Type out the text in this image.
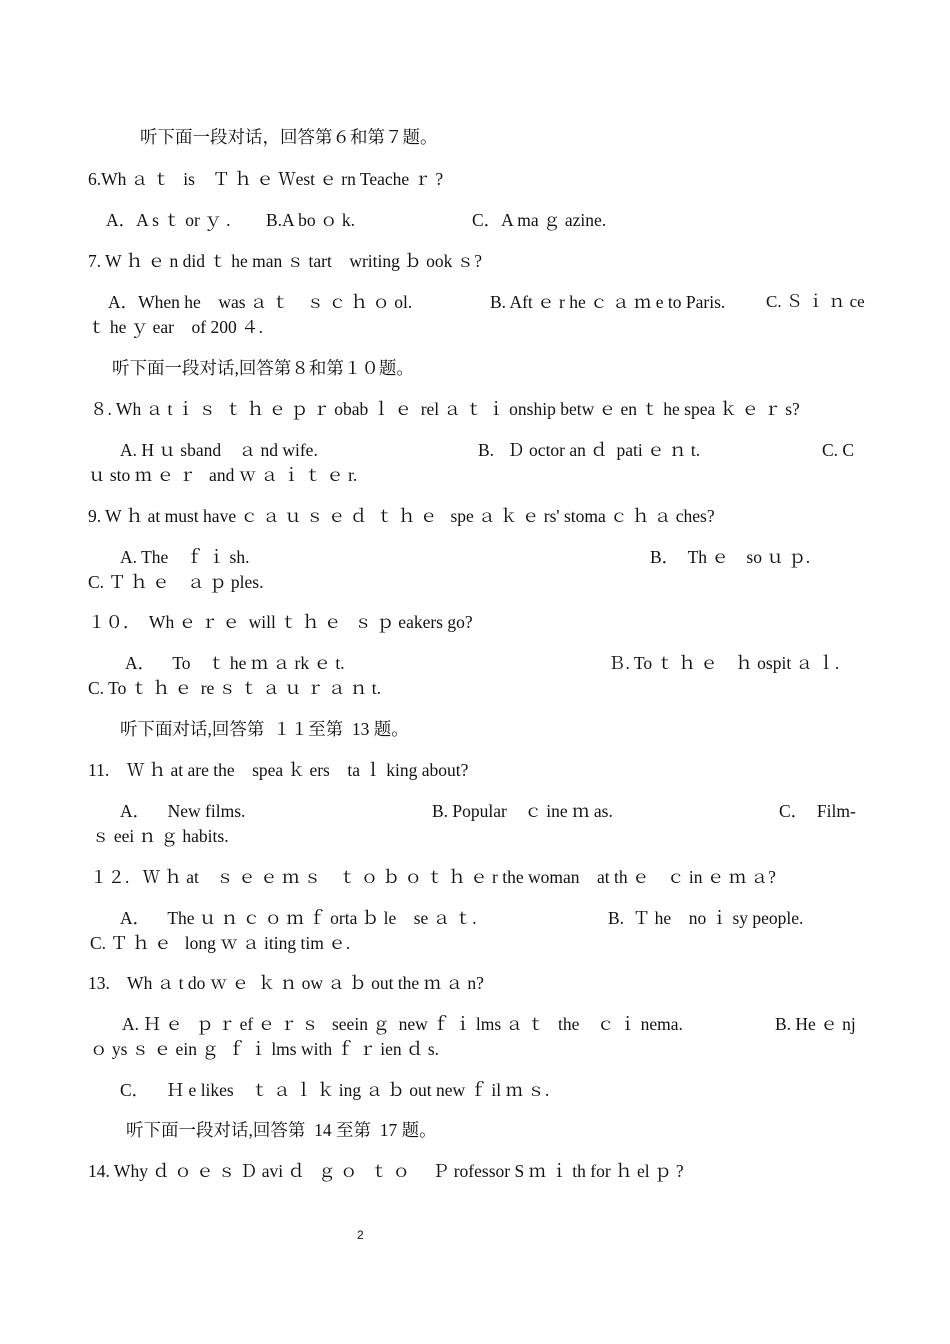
听下面一段对话，回答第６和第７题。
6.Wh ａ ｔ   is    Ｔ ｈ ｅ Ｗest ｅ rn Teache ｒ ?
A．A s ｔ or ｙ . B.A bo ｏ k.	C．A ma ｇ azine.
7. W ｈ ｅ n did ｔ he man ｓ tart    writing ｂ ook ｓ?
A．When he    was ａ ｔ    ｓ ｃ ｈ ｏ ol.	B. Aft ｅ r he ｃ ａ ｍ e to Paris. C. Ｓ ｉ ｎ ce
ｔ he ｙ ear    of 200 ４.
听下面一段对话,回答第８和第１０题。
８. Wh ａ t ｉ ｓ  ｔ ｈ ｅ ｐ ｒ obab ｌ ｅ  rel ａ ｔ ｉ onship betw ｅ en ｔ he spea ｋ ｅ ｒ s?
A. H ｕ sband    ａ nd wife.	B.   Ｄ octor an ｄ  pati ｅ ｎ t.	C. C
ｕ sto ｍ ｅ ｒ   and ｗ ａ ｉ ｔ ｅ r.
9. W ｈ at must have ｃ ａ ｕ ｓ ｅ ｄ  ｔ ｈ ｅ   spe ａ ｋ ｅ rs' stoma ｃ ｈ ａ ches?
A. The    ｆ ｉ sh.	B．  Th ｅ    so ｕ ｐ.
C. Ｔ ｈ ｅ    ａ ｐ ples.
１０．  Wh ｅ ｒ ｅ  will ｔ ｈ ｅ   ｓ ｐ eakers go?
A．    To    ｔ he ｍ ａ rk ｅ t.	Ｂ. To ｔ ｈ ｅ    ｈ ospit ａ ｌ.
C. To ｔ ｈ ｅ  re ｓ ｔ ａ ｕ ｒ ａ ｎ t.
听下面对话,回答第  １１至第  13 题。
11.    Ｗ ｈ at are the    spea ｋ ers    ta ｌ king about?
A．    New films.	B. Popular    ｃ ine ｍ as.	C．  Film-
ｓ eei ｎ ｇ habits.
１２.   Ｗ ｈ at    ｓ ｅ ｅ ｍ ｓ    ｔ ｏ ｂ ｏ ｔ ｈ ｅ r the woman    at th ｅ    ｃ in ｅ ｍ ａ?
A．    The ｕ ｎ ｃ ｏ ｍ ｆ orta ｂ le    se ａ ｔ.	B.  Ｔ he    no ｉ sy people.
C. Ｔ ｈ ｅ   long ｗ ａ iting tim ｅ.
13.    Wh ａ t do ｗ ｅ  ｋ ｎ ow ａ ｂ out the ｍ ａ n?
A. Ｈ ｅ   ｐ ｒ ef ｅ ｒ ｓ   seein ｇ  new ｆ ｉ lms ａ ｔ   the    ｃ ｉ nema.	B. He ｅ nj
ｏ ys ｓ ｅ ein ｇ  ｆ ｉ lms with ｆ ｒ ien ｄ s.
C．    Ｈ e likes    ｔ ａ ｌ ｋ ing ａ ｂ out new ｆ il ｍ ｓ.
听下面一段对话,回答第  14 至第  17 题。
14. Why ｄ ｏ ｅ ｓ Ｄ avi ｄ   ｇ ｏ   ｔ ｏ     Ｐ rofessor S ｍ ｉ th for ｈ el ｐ ?
2
